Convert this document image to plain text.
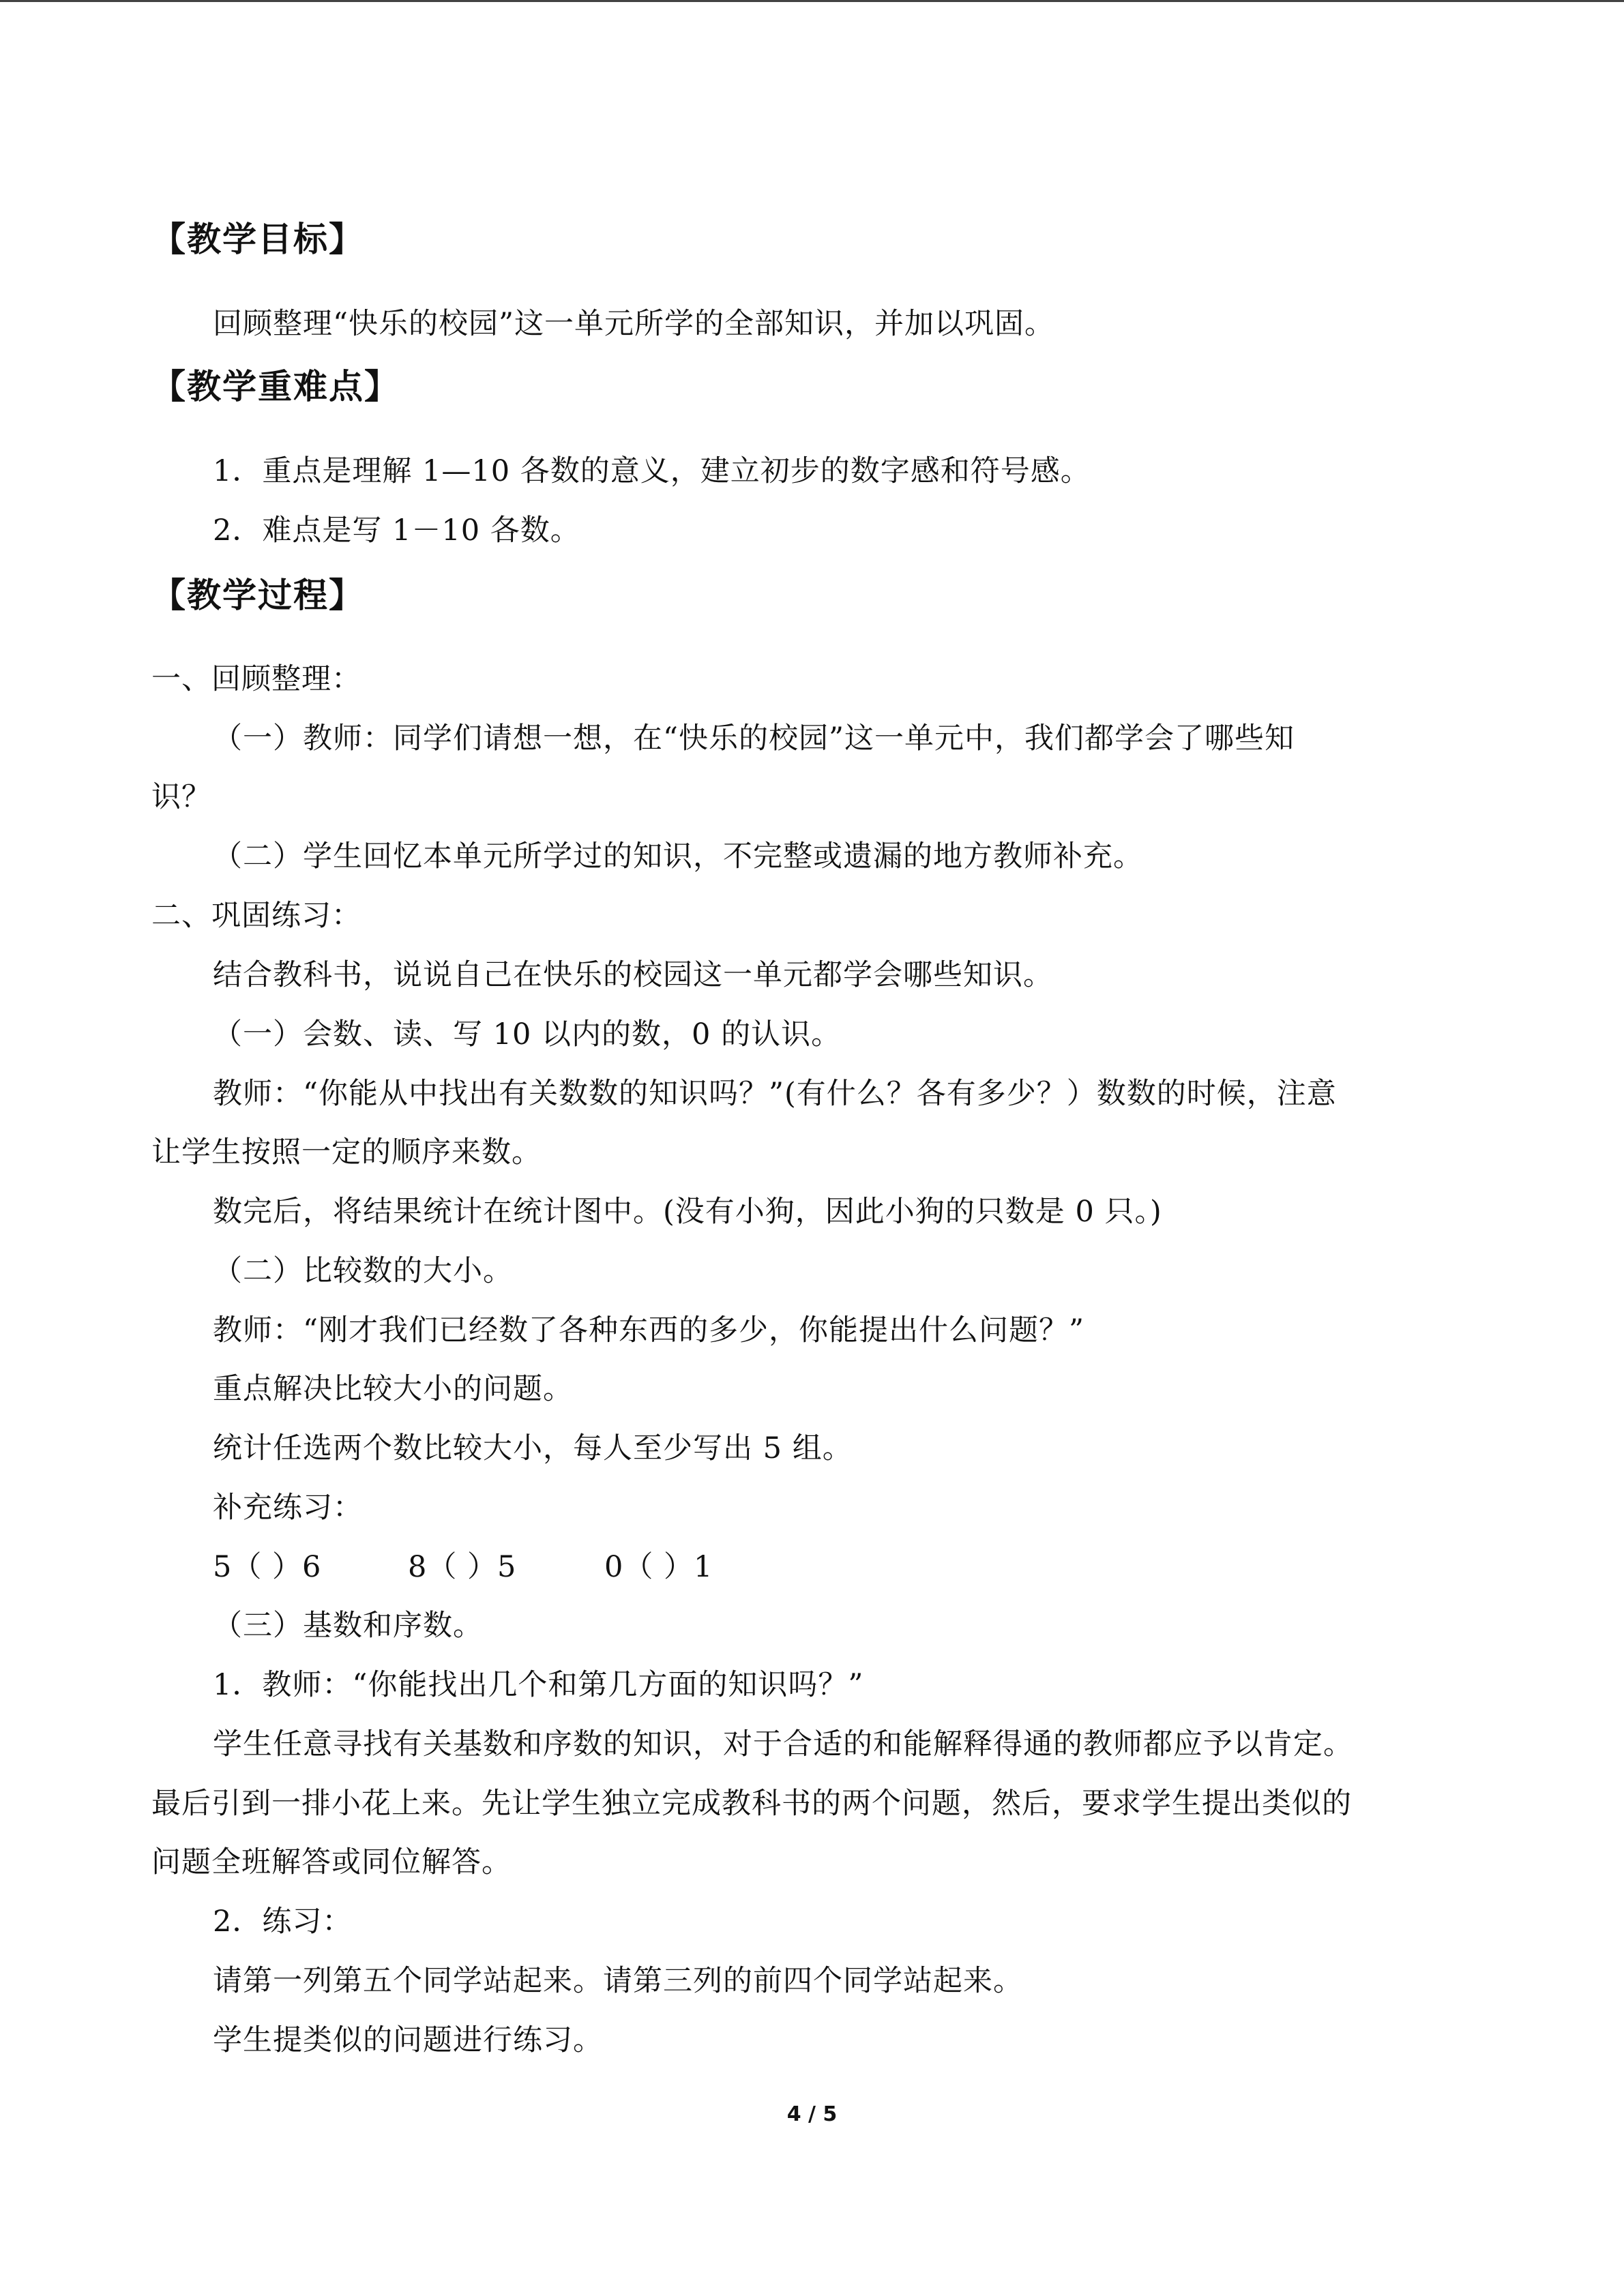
【教学目标】
回顾整理“快乐的校园”这一单元所学的全部知识，并加以巩固。
【教学重难点】
1．重点是理解 1—10 各数的意义，建立初步的数字感和符号感。
2．难点是写 1－10 各数。
【教学过程】
一、回顾整理：
（一）教师：同学们请想一想，在“快乐的校园”这一单元中，我们都学会了哪些知
识？
（二）学生回忆本单元所学过的知识，不完整或遗漏的地方教师补充。
二、巩固练习：
结合教科书，说说自己在快乐的校园这一单元都学会哪些知识。
（一）会数、读、写 10 以内的数，0 的认识。
教师：“你能从中找出有关数数的知识吗？”(有什么？各有多少？）数数的时候，注意
让学生按照一定的顺序来数。
数完后，将结果统计在统计图中。(没有小狗，因此小狗的只数是 0 只。)
（二）比较数的大小。
教师：“刚才我们已经数了各种东西的多少，你能提出什么问题？”
重点解决比较大小的问题。
统计任选两个数比较大小，每人至少写出 5 组。
补充练习：
5（ ）6	8（ ）5	0（ ）1
（三）基数和序数。
1．教师：“你能找出几个和第几方面的知识吗？”
学生任意寻找有关基数和序数的知识，对于合适的和能解释得通的教师都应予以肯定。
最后引到一排小花上来。先让学生独立完成教科书的两个问题，然后，要求学生提出类似的
问题全班解答或同位解答。
2．练习：
请第一列第五个同学站起来。请第三列的前四个同学站起来。
学生提类似的问题进行练习。
4 / 5
